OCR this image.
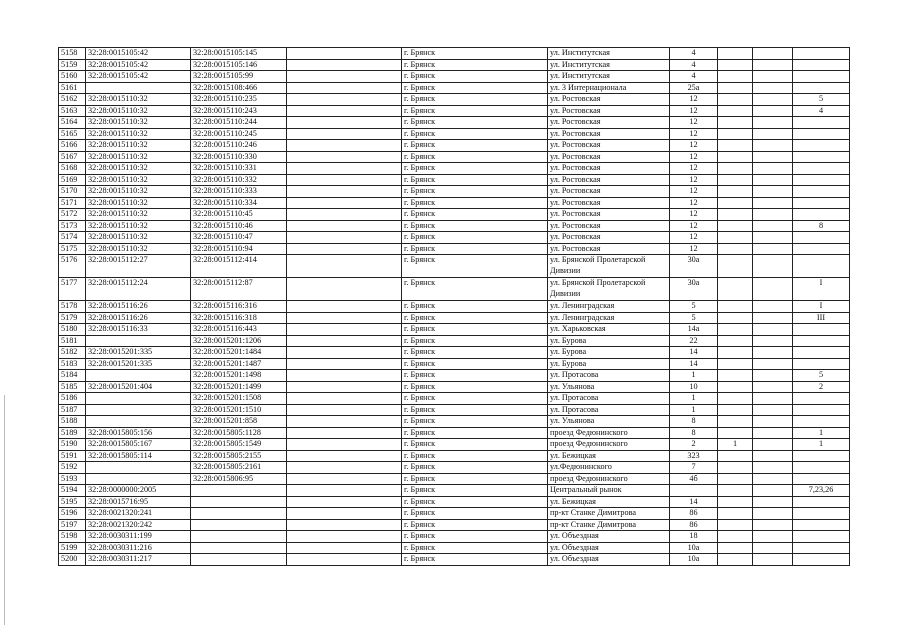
5158	32:28:0015105:42	32:28:0015105:145		г. Брянск	ул. Институтская	4			
5159	32:28:0015105:42	32:28:0015105:146		г. Брянск	ул. Институтская	4			
5160	32:28:0015105:42	32:28:0015105:99		г. Брянск	ул. Институтская	4			
5161		32:28:0015108:466		г. Брянск	ул. 3 Интернационала	25а			
5162	32:28:0015110:32	32:28:0015110:235		г. Брянск	ул. Ростовская	12			5
5163	32:28:0015110:32	32:28:0015110:243		г. Брянск	ул. Ростовская	12			4
5164	32:28:0015110:32	32:28:0015110:244		г. Брянск	ул. Ростовская	12			
5165	32:28:0015110:32	32:28:0015110:245		г. Брянск	ул. Ростовская	12			
5166	32:28:0015110:32	32:28:0015110:246		г. Брянск	ул. Ростовская	12			
5167	32:28:0015110:32	32:28:0015110:330		г. Брянск	ул. Ростовская	12			
5168	32:28:0015110:32	32:28:0015110:331		г. Брянск	ул. Ростовская	12			
5169	32:28:0015110:32	32:28:0015110:332		г. Брянск	ул. Ростовская	12			
5170	32:28:0015110:32	32:28:0015110:333		г. Брянск	ул. Ростовская	12			
5171	32:28:0015110:32	32:28:0015110:334		г. Брянск	ул. Ростовская	12			
5172	32:28:0015110:32	32:28:0015110:45		г. Брянск	ул. Ростовская	12			
5173	32:28:0015110:32	32:28:0015110:46		г. Брянск	ул. Ростовская	12			8
5174	32:28:0015110:32	32:28:0015110:47		г. Брянск	ул. Ростовская	12			
5175	32:28:0015110:32	32:28:0015110:94		г. Брянск	ул. Ростовская	12			
5176	32:28:0015112:27	32:28:0015112:414		г. Брянск	ул. Брянской Пролетарской Дивизии	30а			
5177	32:28:0015112:24	32:28:0015112:87		г. Брянск	ул. Брянской Пролетарской Дивизии	30а			I
5178	32:28:0015116:26	32:28:0015116:316		г. Брянск	ул. Ленинградская	5			I
5179	32:28:0015116:26	32:28:0015116:318		г. Брянск	ул. Ленинградская	5			III
5180	32:28:0015116:33	32:28:0015116:443		г. Брянск	ул. Харьковская	14а			
5181		32:28:0015201:1206		г. Брянск	ул. Бурова	22			
5182	32:28:0015201:335	32:28:0015201:1484		г. Брянск	ул. Бурова	14			
5183	32:28:0015201:335	32:28:0015201:1487		г. Брянск	ул. Бурова	14			
5184		32:28:0015201:1498		г. Брянск	ул. Протасова	1			5
5185	32:28:0015201:404	32:28:0015201:1499		г. Брянск	ул. Ульянова	10			2
5186		32:28:0015201:1508		г. Брянск	ул. Протасова	1			
5187		32:28:0015201:1510		г. Брянск	ул. Протасова	1			
5188		32:28:0015201:858		г. Брянск	ул. Ульянова	8			
5189	32:28:0015805:156	32:28:0015805:1128		г. Брянск	проезд Федюнинского	8			1
5190	32:28:0015805:167	32:28:0015805:1549		г. Брянск	проезд Федюнинского	2	1		1
5191	32:28:0015805:114	32:28:0015805:2155		г. Брянск	ул. Бежицкая	323			
5192		32:28:0015805:2161		г. Брянск	ул.Федюнинского	7			
5193		32:28:0015806:95		г. Брянск	проезд Федюнинского	4б			
5194	32:28:0000000:2005			г. Брянск	Центральный рынок				7,23,26
5195	32:28:0015716:95			г. Брянск	ул. Бежицкая	14			
5196	32:28:0021320:241			г. Брянск	пр-кт Станке Димитрова	86			
5197	32:28:0021320:242			г. Брянск	пр-кт Станке Димитрова	86			
5198	32:28:0030311:199			г. Брянск	ул. Объездная	18			
5199	32:28:0030311:216			г. Брянск	ул. Объездная	10а			
5200	32:28:0030311:217			г. Брянск	ул. Объездная	10а			
